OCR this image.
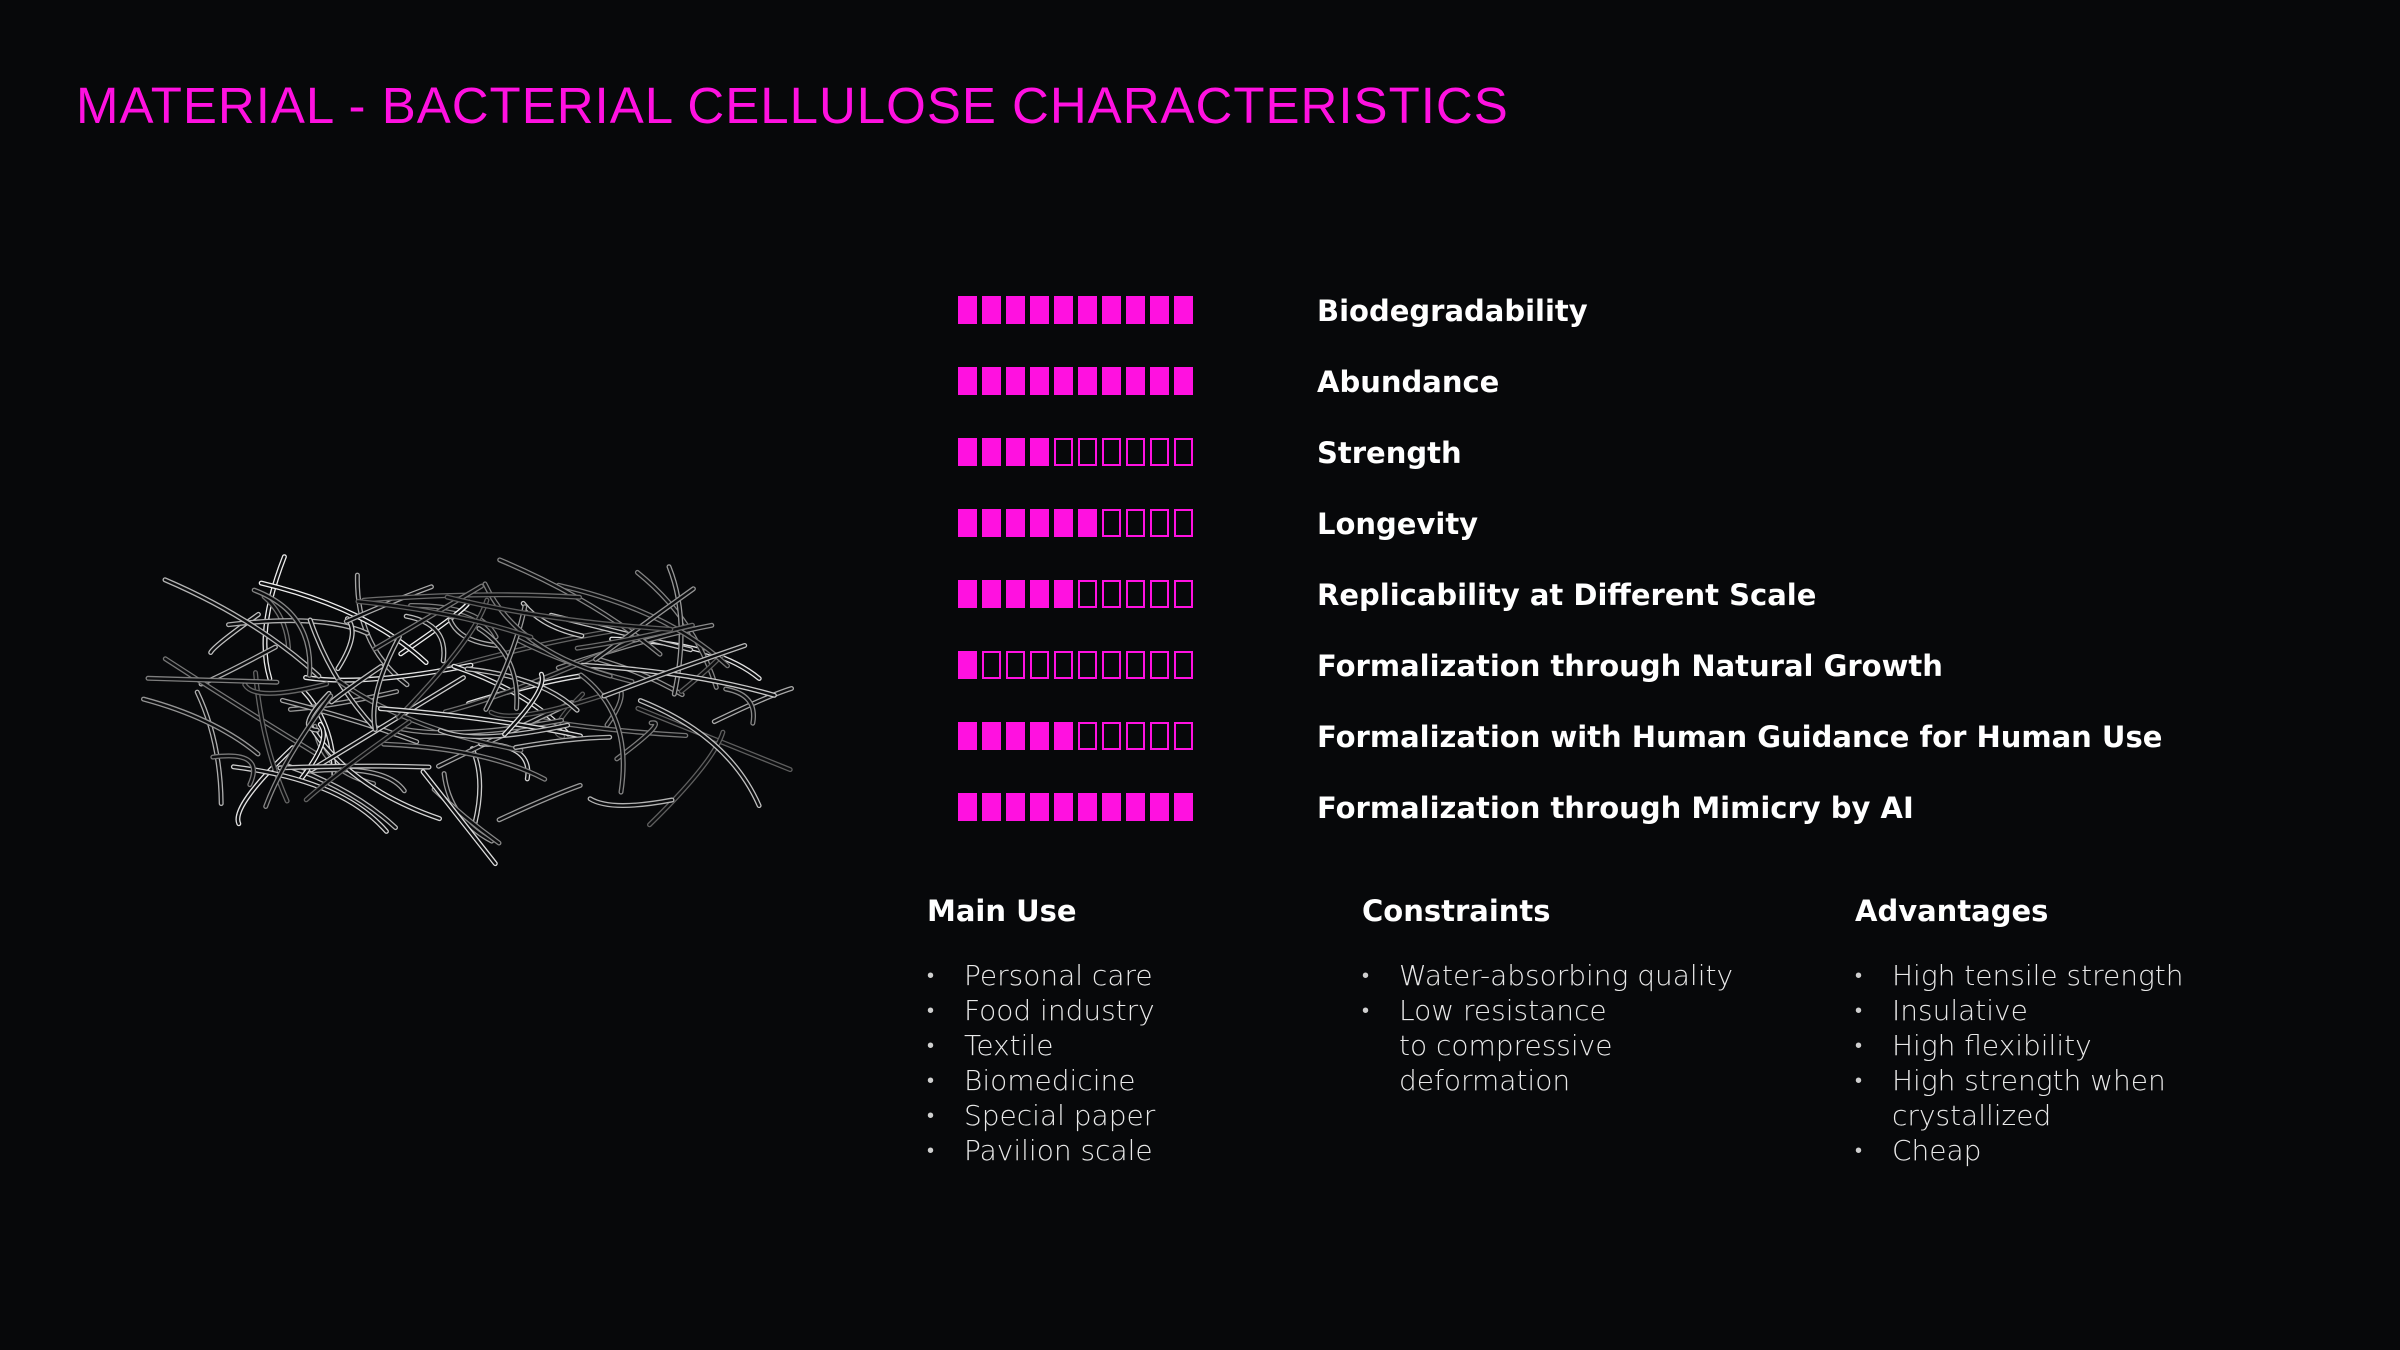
MATERIAL - BACTERIAL CELLULOSE CHARACTERISTICS
Biodegradability
Abundance
Strength
Longevity
Replicability at Different Scale
Formalization through Natural Growth
Formalization with Human Guidance for Human Use
Formalization through Mimicry by AI
Main Use
• Personal care
• Food industry
• Textile
• Biomedicine
• Special paper
• Pavilion scale
Constraints
• Water-absorbing quality
• Low resistance
to compressive
deformation
Advantages
• High tensile strength
• Insulative
• High flexibility
• High strength when
crystallized
• Cheap
